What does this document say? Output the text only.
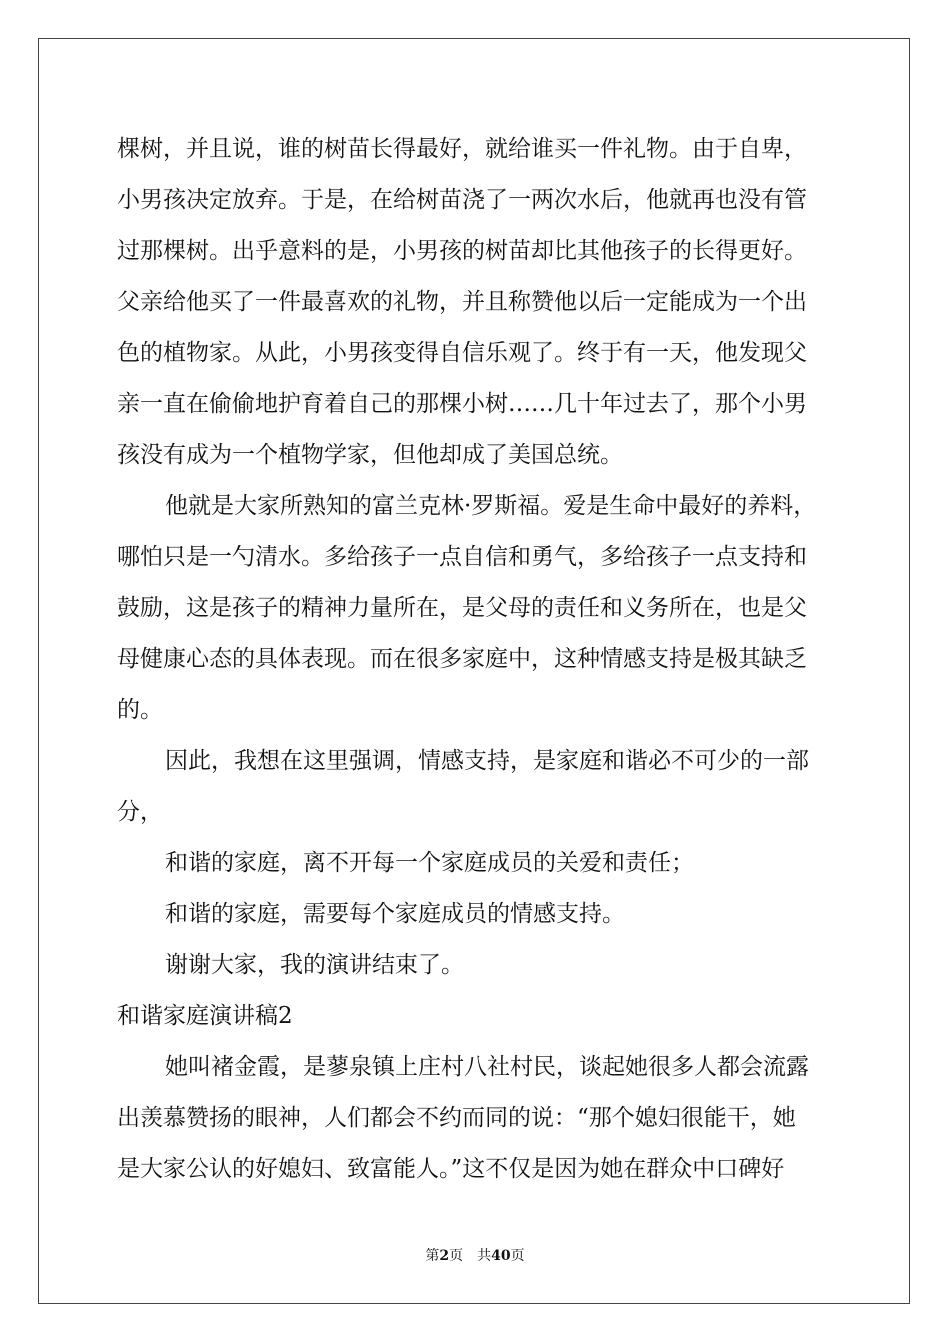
棵树，并且说，谁的树苗长得最好，就给谁买一件礼物。由于自卑，

小男孩决定放弃。于是，在给树苗浇了一两次水后，他就再也没有管

过那棵树。出乎意料的是，小男孩的树苗却比其他孩子的长得更好。

父亲给他买了一件最喜欢的礼物，并且称赞他以后一定能成为一个出

色的植物家。从此，小男孩变得自信乐观了。终于有一天，他发现父

亲一直在偷偷地护育着自己的那棵小树……几十年过去了，那个小男

孩没有成为一个植物学家，但他却成了美国总统。

他就是大家所熟知的富兰克林·罗斯福。爱是生命中最好的养料，

哪怕只是一勺清水。多给孩子一点自信和勇气，多给孩子一点支持和

鼓励，这是孩子的精神力量所在，是父母的责任和义务所在，也是父

母健康心态的具体表现。而在很多家庭中，这种情感支持是极其缺乏

的。

因此，我想在这里强调，情感支持，是家庭和谐必不可少的一部

分，

和谐的家庭，离不开每一个家庭成员的关爱和责任；

和谐的家庭，需要每个家庭成员的情感支持。

谢谢大家，我的演讲结束了。

和谐家庭演讲稿2

她叫褚金霞，是蓼泉镇上庄村八社村民，谈起她很多人都会流露

出羡慕赞扬的眼神，人们都会不约而同的说：“那个媳妇很能干，她

是大家公认的好媳妇、致富能人。”这不仅是因为她在群众中口碑好

第2页　共40页
